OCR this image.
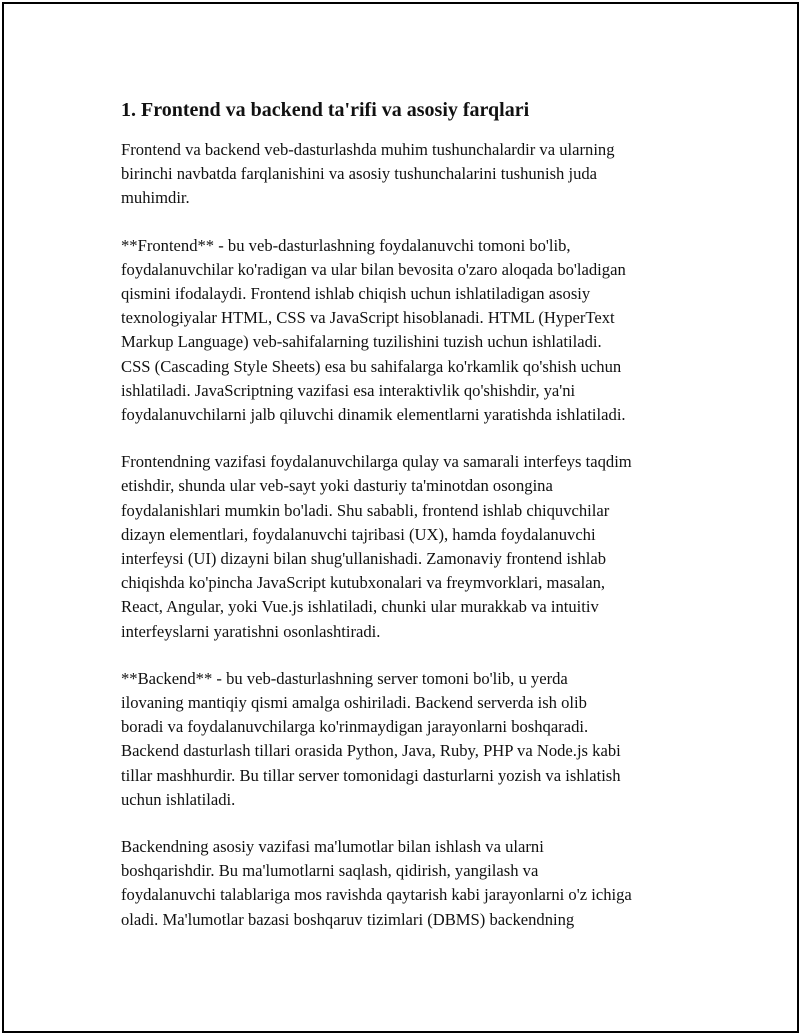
1. Frontend va backend ta'rifi va asosiy farqlari

Frontend va backend veb-dasturlashda muhim tushunchalardir va ularning
birinchi navbatda farqlanishini va asosiy tushunchalarini tushunish juda
muhimdir.

**Frontend** - bu veb-dasturlashning foydalanuvchi tomoni bo'lib,
foydalanuvchilar ko'radigan va ular bilan bevosita o'zaro aloqada bo'ladigan
qismini ifodalaydi. Frontend ishlab chiqish uchun ishlatiladigan asosiy
texnologiyalar HTML, CSS va JavaScript hisoblanadi. HTML (HyperText
Markup Language) veb-sahifalarning tuzilishini tuzish uchun ishlatiladi.
CSS (Cascading Style Sheets) esa bu sahifalarga ko'rkamlik qo'shish uchun
ishlatiladi. JavaScriptning vazifasi esa interaktivlik qo'shishdir, ya'ni
foydalanuvchilarni jalb qiluvchi dinamik elementlarni yaratishda ishlatiladi.

Frontendning vazifasi foydalanuvchilarga qulay va samarali interfeys taqdim
etishdir, shunda ular veb-sayt yoki dasturiy ta'minotdan osongina
foydalanishlari mumkin bo'ladi. Shu sababli, frontend ishlab chiquvchilar
dizayn elementlari, foydalanuvchi tajribasi (UX), hamda foydalanuvchi
interfeysi (UI) dizayni bilan shug'ullanishadi. Zamonaviy frontend ishlab
chiqishda ko'pincha JavaScript kutubxonalari va freymvorklari, masalan,
React, Angular, yoki Vue.js ishlatiladi, chunki ular murakkab va intuitiv
interfeyslarni yaratishni osonlashtiradi.

**Backend** - bu veb-dasturlashning server tomoni bo'lib, u yerda
ilovaning mantiqiy qismi amalga oshiriladi. Backend serverda ish olib
boradi va foydalanuvchilarga ko'rinmaydigan jarayonlarni boshqaradi.
Backend dasturlash tillari orasida Python, Java, Ruby, PHP va Node.js kabi
tillar mashhurdir. Bu tillar server tomonidagi dasturlarni yozish va ishlatish
uchun ishlatiladi.

Backendning asosiy vazifasi ma'lumotlar bilan ishlash va ularni
boshqarishdir. Bu ma'lumotlarni saqlash, qidirish, yangilash va
foydalanuvchi talablariga mos ravishda qaytarish kabi jarayonlarni o'z ichiga
oladi. Ma'lumotlar bazasi boshqaruv tizimlari (DBMS) backendning
